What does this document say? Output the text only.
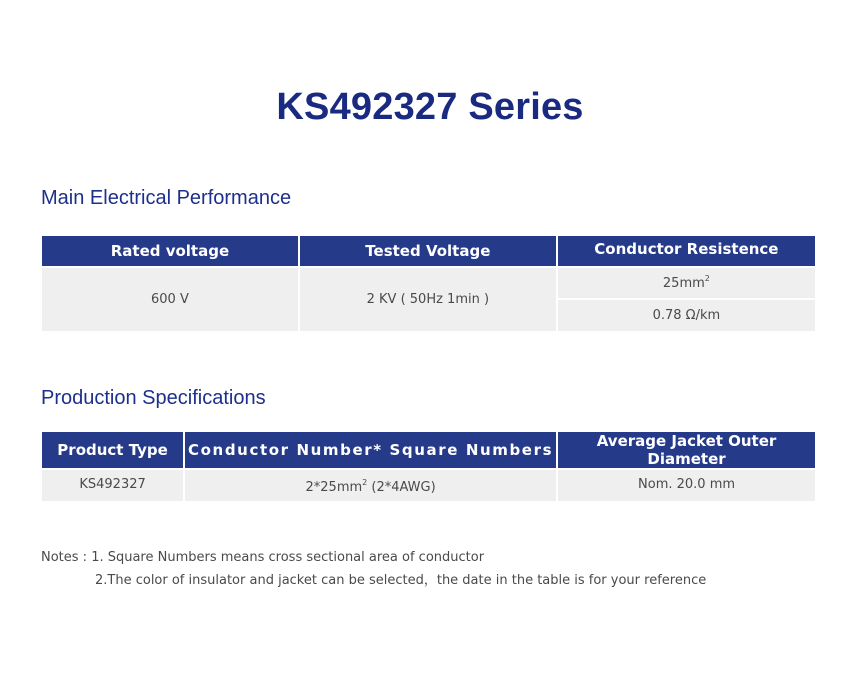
KS492327 Series
Main Electrical Performance
Rated voltage	Tested Voltage	Conductor Resistence
600 V	2 KV ( 50Hz 1min )	$25mm^2$
		0.78 Ω/km
Production Specifications
Product Type	Conductor Number* Square Numbers	Average Jacket Outer Diameter
KS492327	$2*25mm^2$ (2*4AWG)	Nom. 20.0 mm
Notes : 1. Square Numbers means cross sectional area of conductor
2.The color of insulator and jacket can be selected，the date in the table is for your reference
